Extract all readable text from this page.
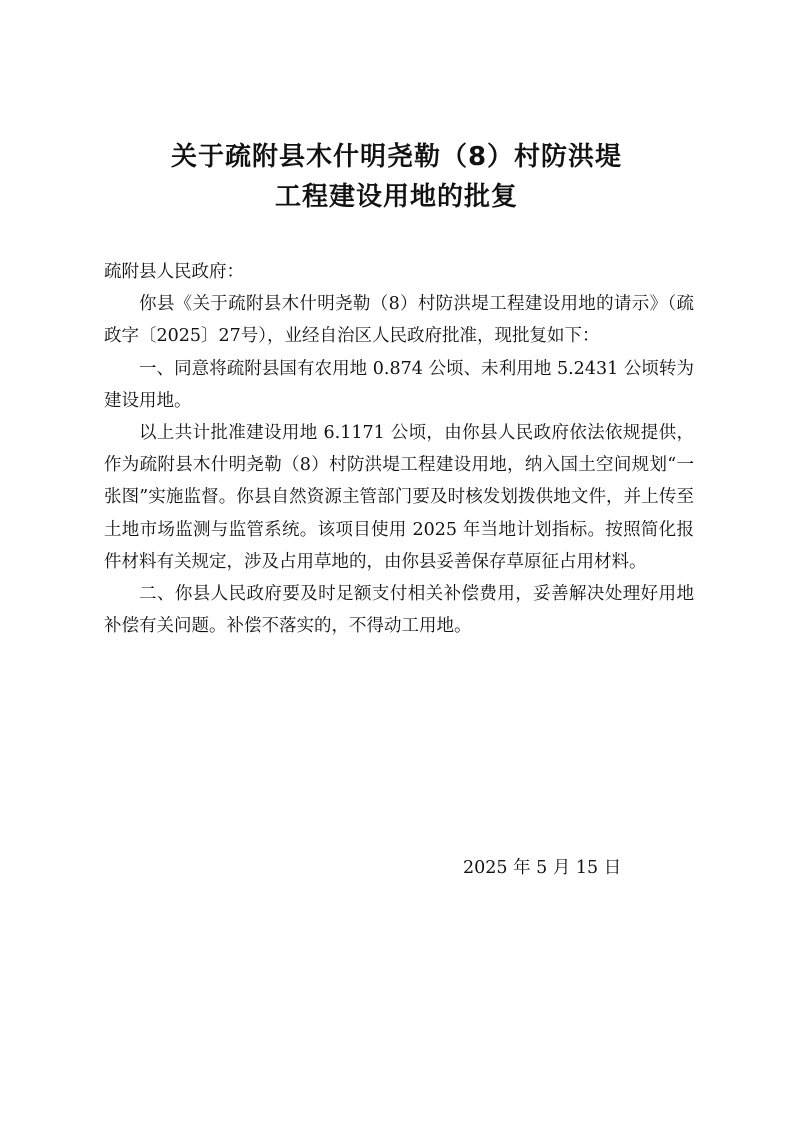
关于疏附县木什明尧勒（8）村防洪堤
工程建设用地的批复

疏附县人民政府：

你县《关于疏附县木什明尧勒（8）村防洪堤工程建设用地的请示》（疏政字〔2025〕27号），业经自治区人民政府批准，现批复如下：

一、同意将疏附县国有农用地 0.874 公顷、未利用地 5.2431 公顷转为建设用地。

以上共计批准建设用地 6.1171 公顷，由你县人民政府依法依规提供，作为疏附县木什明尧勒（8）村防洪堤工程建设用地，纳入国土空间规划“一张图”实施监督。你县自然资源主管部门要及时核发划拨供地文件，并上传至土地市场监测与监管系统。该项目使用 2025 年当地计划指标。按照简化报件材料有关规定，涉及占用草地的，由你县妥善保存草原征占用材料。

二、你县人民政府要及时足额支付相关补偿费用，妥善解决处理好用地补偿有关问题。补偿不落实的，不得动工用地。

2025 年 5 月 15 日
